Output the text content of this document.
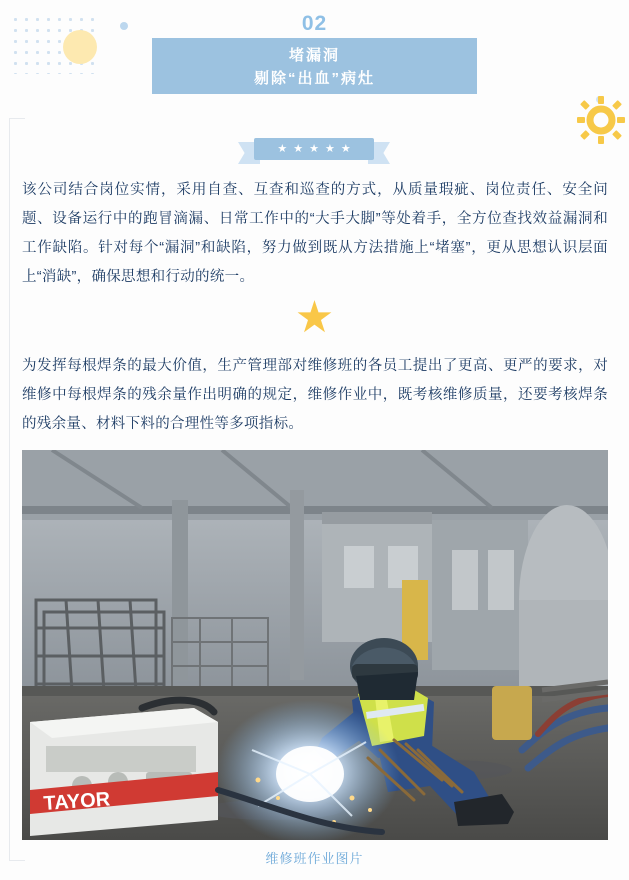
02
堵漏洞
剔除“出血”病灶
★ ★ ★ ★ ★
该公司结合岗位实情，采用自查、互查和巡查的方式，从质量瑕疵、岗位责任、安全问题、设备运行中的跑冒滴漏、日常工作中的“大手大脚”等处着手，全方位查找效益漏洞和工作缺陷。针对每个“漏洞”和缺陷，努力做到既从方法措施上“堵塞”，更从思想认识层面上“消缺”，确保思想和行动的统一。
★
为发挥每根焊条的最大价值，生产管理部对维修班的各员工提出了更高、更严的要求，对维修中每根焊条的残余量作出明确的规定，维修作业中，既考核维修质量，还要考核焊条的残余量、材料下料的合理性等多项指标。
TAYOR
维修班作业图片
